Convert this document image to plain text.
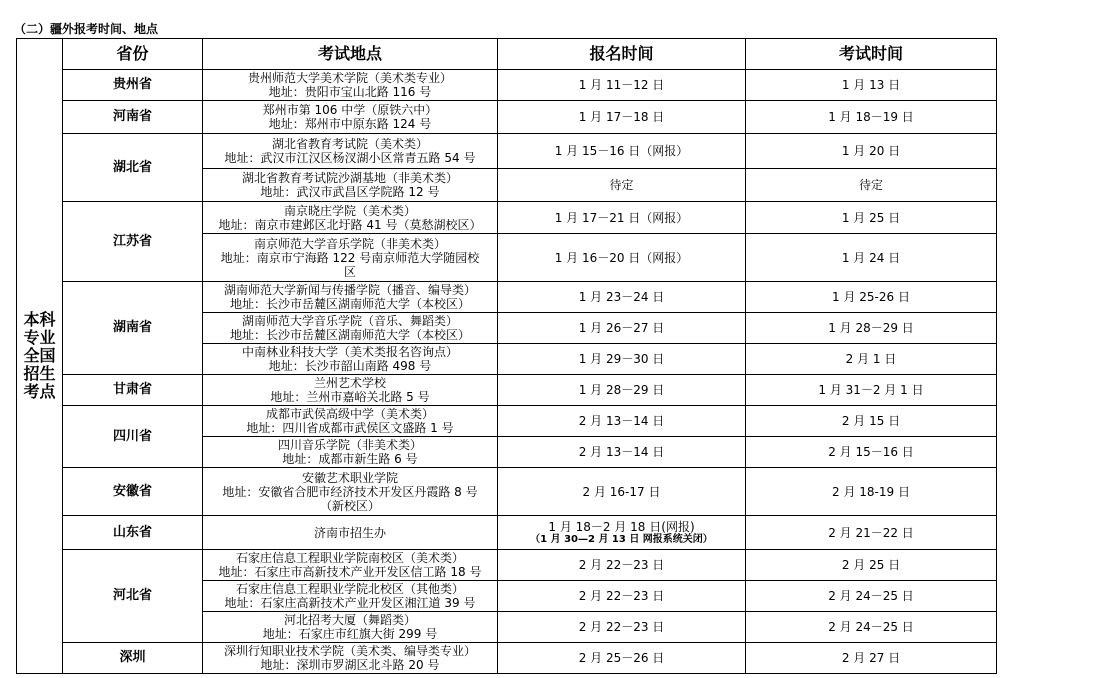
（二）疆外报考时间、地点
本科
专业
全国
招生
考点	省份	考试地点	报名时间	考试时间
	贵州省	贵州师范大学美术学院（美术类专业）
地址：贵阳市宝山北路 116 号	1 月 11－12 日	1 月 13 日
	河南省	郑州市第 106 中学（原铁六中）
地址：郑州市中原东路 124 号	1 月 17－18 日	1 月 18－19 日
	湖北省	湖北省教育考试院（美术类）
地址：武汉市江汉区杨汊湖小区常青五路 54 号	1 月 15－16 日（网报）	1 月 20 日

		湖北省教育考试院沙湖基地（非美术类）
地址：武汉市武昌区学院路 12 号	待定	待定
	江苏省	南京晓庄学院（美术类）
地址：南京市建邺区北圩路 41 号（莫愁湖校区）	1 月 17－21 日（网报）	1 月 25 日

		南京师范大学音乐学院（非美术类）
地址：南京市宁海路 122 号南京师范大学随园校
区	1 月 16－20 日（网报）	1 月 24 日
	湖南省	湖南师范大学新闻与传播学院（播音、编导类）
地址：长沙市岳麓区湖南师范大学（本校区）	1 月 23－24 日	1 月 25-26 日

		湖南师范大学音乐学院（音乐、舞蹈类）
地址：长沙市岳麓区湖南师范大学（本校区）	1 月 26－27 日	1 月 28－29 日

		中南林业科技大学（美术类报名咨询点）
地址：长沙市韶山南路 498 号	1 月 29－30 日	2 月 1 日
	甘肃省	兰州艺术学校
地址：兰州市嘉峪关北路 5 号	1 月 28－29 日	1 月 31－2 月 1 日
	四川省	成都市武侯高级中学（美术类）
地址：四川省成都市武侯区文盛路 1 号	2 月 13－14 日	2 月 15 日

		四川音乐学院（非美术类）
地址：成都市新生路 6 号	2 月 13－14 日	2 月 15－16 日
	安徽省	安徽艺术职业学院
地址：安徽省合肥市经济技术开发区丹霞路 8 号
（新校区）	2 月 16-17 日	2 月 18-19 日
	山东省	济南市招生办	1 月 18－2 月 18 日(网报)
（1 月 30—2 月 13 日 网报系统关闭）	2 月 21－22 日
	河北省	石家庄信息工程职业学院南校区（美术类）
地址：石家庄市高新技术产业开发区信工路 18 号	2 月 22－23 日	2 月 25 日

		石家庄信息工程职业学院北校区（其他类）
地址：石家庄高新技术产业开发区湘江道 39 号	2 月 22－23 日	2 月 24－25 日

		河北招考大厦（舞蹈类）
地址：石家庄市红旗大街 299 号	2 月 22－23 日	2 月 24－25 日
	深圳	深圳行知职业技术学院（美术类、编导类专业）
地址：深圳市罗湖区北斗路 20 号	2 月 25－26 日	2 月 27 日
